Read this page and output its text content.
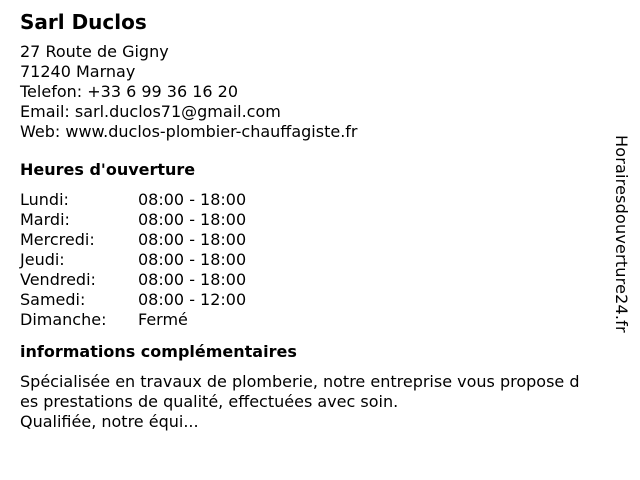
Sarl Duclos
27 Route de Gigny
71240 Marnay
Telefon: +33 6 99 36 16 20
Email: sarl.duclos71@gmail.com
Web: www.duclos-plombier-chauffagiste.fr
Heures d'ouverture
Lundi:	08:00 - 18:00
Mardi:	08:00 - 18:00
Mercredi:	08:00 - 18:00
Jeudi:	08:00 - 18:00
Vendredi:	08:00 - 18:00
Samedi:	08:00 - 12:00
Dimanche:	Fermé
informations complémentaires
Spécialisée en travaux de plomberie, notre entreprise vous propose d
es prestations de qualité, effectuées avec soin.
Qualifiée, notre équi...
Horairesdouverture24.fr
